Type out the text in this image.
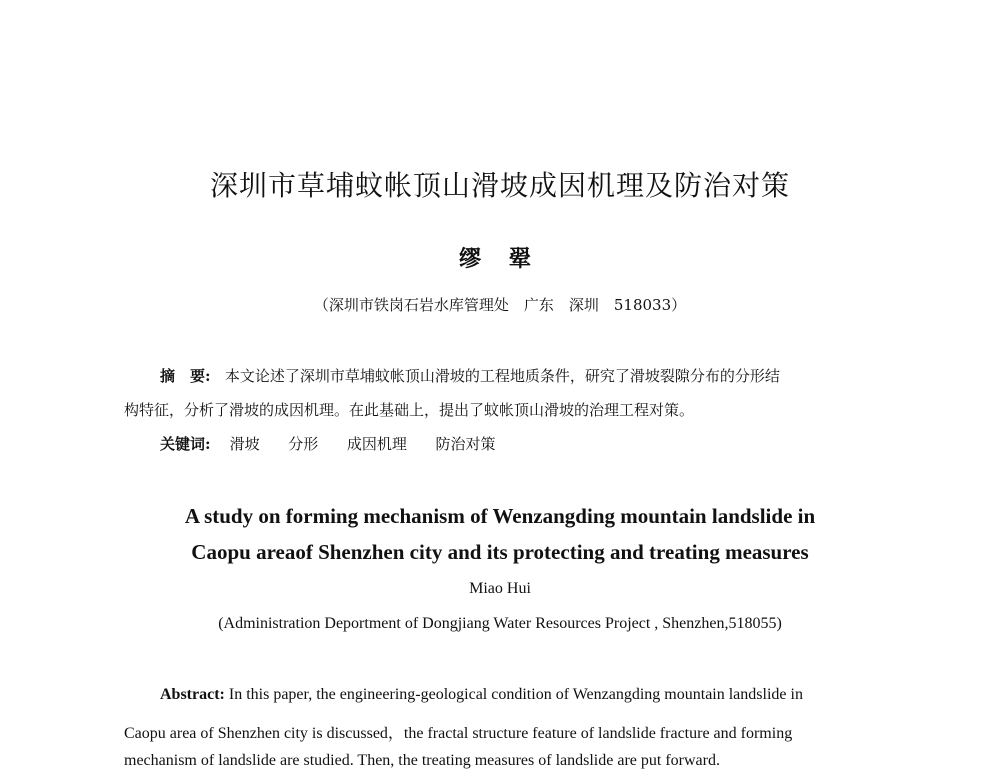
深圳市草埔蚊帐顶山滑坡成因机理及防治对策
缪 翚
（深圳市铁岗石岩水库管理处　广东　深圳　518033）
摘　要: 本文论述了深圳市草埔蚊帐顶山滑坡的工程地质条件，研究了滑坡裂隙分布的分形结
构特征，分析了滑坡的成因机理。在此基础上，提出了蚊帐顶山滑坡的治理工程对策。
关键词: 滑坡 分形 成因机理 防治对策
A study on forming mechanism of Wenzangding mountain landslide in
Caopu areaof Shenzhen city and its protecting and treating measures
Miao Hui
(Administration Deportment of Dongjiang Water Resources Project , Shenzhen,518055)
Abstract: In this paper, the engineering-geological condition of Wenzangding mountain landslide in
Caopu area of Shenzhen city is discussed，the fractal structure feature of landslide fracture and forming
mechanism of landslide are studied. Then, the treating measures of landslide are put forward.
